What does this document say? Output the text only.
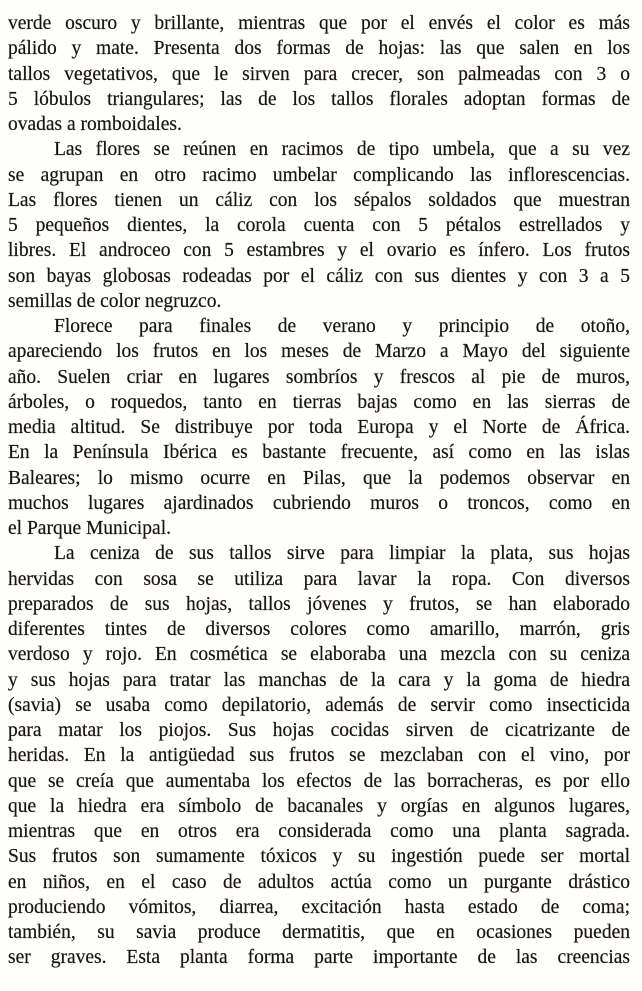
verde oscuro y brillante, mientras que por el envés el color es más
pálido y mate. Presenta dos formas de hojas: las que salen en los
tallos vegetativos, que le sirven para crecer, son palmeadas con 3 o
5 lóbulos triangulares; las de los tallos florales adoptan formas de
ovadas a romboidales.
Las flores se reúnen en racimos de tipo umbela, que a su vez
se agrupan en otro racimo umbelar complicando las inflorescencias.
Las flores tienen un cáliz con los sépalos soldados que muestran
5 pequeños dientes, la corola cuenta con 5 pétalos estrellados y
libres. El androceo con 5 estambres y el ovario es ínfero. Los frutos
son bayas globosas rodeadas por el cáliz con sus dientes y con 3 a 5
semillas de color negruzco.
Florece para finales de verano y principio de otoño,
apareciendo los frutos en los meses de Marzo a Mayo del siguiente
año. Suelen criar en lugares sombríos y frescos al pie de muros,
árboles, o roquedos, tanto en tierras bajas como en las sierras de
media altitud. Se distribuye por toda Europa y el Norte de África.
En la Península Ibérica es bastante frecuente, así como en las islas
Baleares; lo mismo ocurre en Pilas, que la podemos observar en
muchos lugares ajardinados cubriendo muros o troncos, como en
el Parque Municipal.
La ceniza de sus tallos sirve para limpiar la plata, sus hojas
hervidas con sosa se utiliza para lavar la ropa. Con diversos
preparados de sus hojas, tallos jóvenes y frutos, se han elaborado
diferentes tintes de diversos colores como amarillo, marrón, gris
verdoso y rojo. En cosmética se elaboraba una mezcla con su ceniza
y sus hojas para tratar las manchas de la cara y la goma de hiedra
(savia) se usaba como depilatorio, además de servir como insecticida
para matar los piojos. Sus hojas cocidas sirven de cicatrizante de
heridas. En la antigüedad sus frutos se mezclaban con el vino, por
que se creía que aumentaba los efectos de las borracheras, es por ello
que la hiedra era símbolo de bacanales y orgías en algunos lugares,
mientras que en otros era considerada como una planta sagrada.
Sus frutos son sumamente tóxicos y su ingestión puede ser mortal
en niños, en el caso de adultos actúa como un purgante drástico
produciendo vómitos, diarrea, excitación hasta estado de coma;
también, su savia produce dermatitis, que en ocasiones pueden
ser graves. Esta planta forma parte importante de las creencias
